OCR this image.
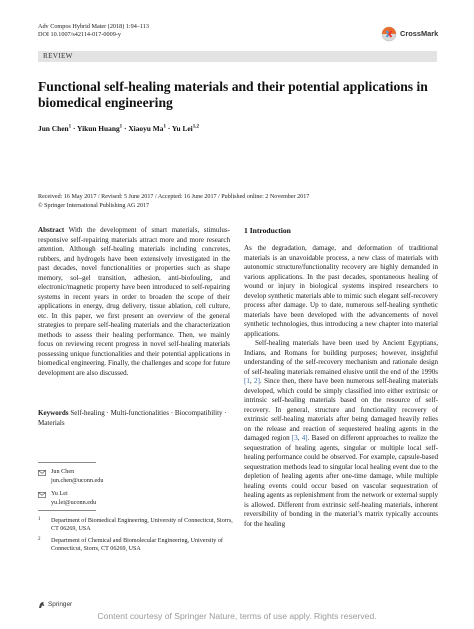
Adv Compos Hybrid Mater (2018) 1:94–113
DOI 10.1007/s42114-017-0009-y	CrossMark
REVIEW
Functional self-healing materials and their potential applications in biomedical engineering
Jun Chen$^1$ · Yikun Huang$^1$ · Xiaoyu $Ma^1 \cdot Yu$ Lei$^{1,2}$
Received: 16 May 2017 / Revised: 5 June 2017 / Accepted: 16 June 2017 / Published online: 2 November 2017
© Springer International Publishing AG 2017
Abstract With the development of smart materials, stimulus-responsive self-repairing materials attract more and more research attention. Although self-healing materials including concretes, rubbers, and hydrogels have been extensively investigated in the past decades, novel functionalities or properties such as shape memory, sol–gel transition, adhesion, anti-biofouling, and electronic/magnetic property have been introduced to self-repairing systems in recent years in order to broaden the scope of their applications in energy, drug delivery, tissue ablation, cell culture, etc. In this paper, we first present an overview of the general strategies to prepare self-healing materials and the characterization methods to assess their healing performance. Then, we mainly focus on reviewing recent progress in novel self-healing materials possessing unique functionalities and their potential applications in biomedical engineering. Finally, the challenges and scope for future development are also discussed.
Keywords Self-healing · Multi-functionalities · Biocompatibility · Materials
Jun Chen
jun.chen@uconn.edu
Yu Lei
yu.lei@uconn.edu
1 Department of Biomedical Engineering, University of Connecticut, Storrs, CT 06269, USA
2 Department of Chemical and Biomolecular Engineering, University of Connecticut, Storrs, CT 06269, USA
Springer
1 Introduction
As the degradation, damage, and deformation of traditional materials is an unavoidable process, a new class of materials with autonomic structure/functionality recovery are highly demanded in various applications. In the past decades, spontaneous healing of wound or injury in biological systems inspired researchers to develop synthetic materials able to mimic such elegant self-recovery process after damage. Up to date, numerous self-healing synthetic materials have been developed with the advancements of novel synthetic technologies, thus introducing a new chapter into material applications.
Self-healing materials have been used by Ancient Egyptians, Indians, and Romans for building purposes; however, insightful understanding of the self-recovery mechanism and rationale design of self-healing materials remained elusive until the end of the 1990s [1, 2]. Since then, there have been numerous self-healing materials developed, which could be simply classified into either extrinsic or intrinsic self-healing materials based on the resource of self-recovery. In general, structure and functionality recovery of extrinsic self-healing materials after being damaged heavily relies on the release and reaction of sequestered healing agents in the damaged region [3, 4]. Based on different approaches to realize the sequestration of healing agents, singular or multiple local self-healing performance could be observed. For example, capsule-based sequestration methods lead to singular local healing event due to the depletion of healing agents after one-time damage, while multiple healing events could occur based on vascular sequestration of healing agents as replenishment from the network or external supply is allowed. Different from extrinsic self-healing materials, inherent reversibility of bonding in the material’s matrix typically accounts for the healing
Content courtesy of Springer Nature, terms of use apply. Rights reserved.
